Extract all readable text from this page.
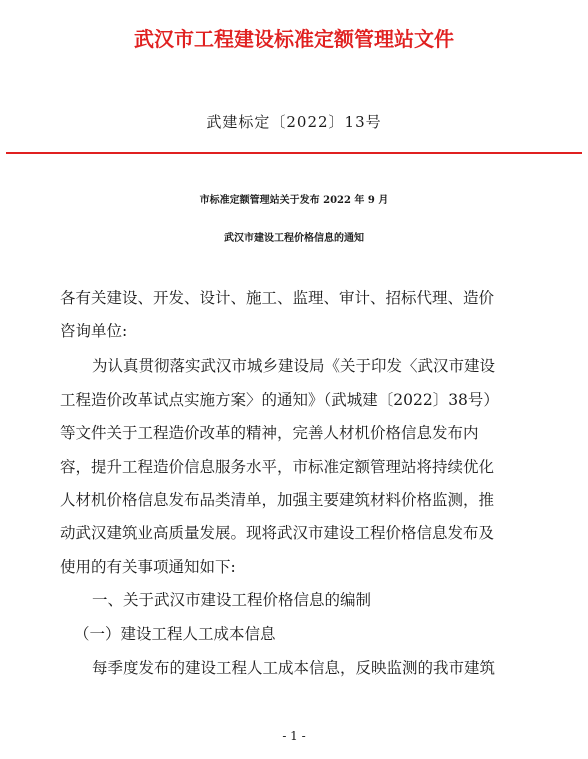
武汉市工程建设标准定额管理站文件
武建标定〔2022〕13号
市标准定额管理站关于发布 2022 年 9 月
武汉市建设工程价格信息的通知
各有关建设、开发、设计、施工、监理、审计、招标代理、造价
咨询单位:
为认真贯彻落实武汉市城乡建设局《关于印发〈武汉市建设
工程造价改革试点实施方案〉的通知》（武城建〔2022〕38号）
等文件关于工程造价改革的精神，完善人材机价格信息发布内
容，提升工程造价信息服务水平，市标准定额管理站将持续优化
人材机价格信息发布品类清单，加强主要建筑材料价格监测，推
动武汉建筑业高质量发展。现将武汉市建设工程价格信息发布及
使用的有关事项通知如下:
一、关于武汉市建设工程价格信息的编制
（一）建设工程人工成本信息
每季度发布的建设工程人工成本信息，反映监测的我市建筑
- 1 -
